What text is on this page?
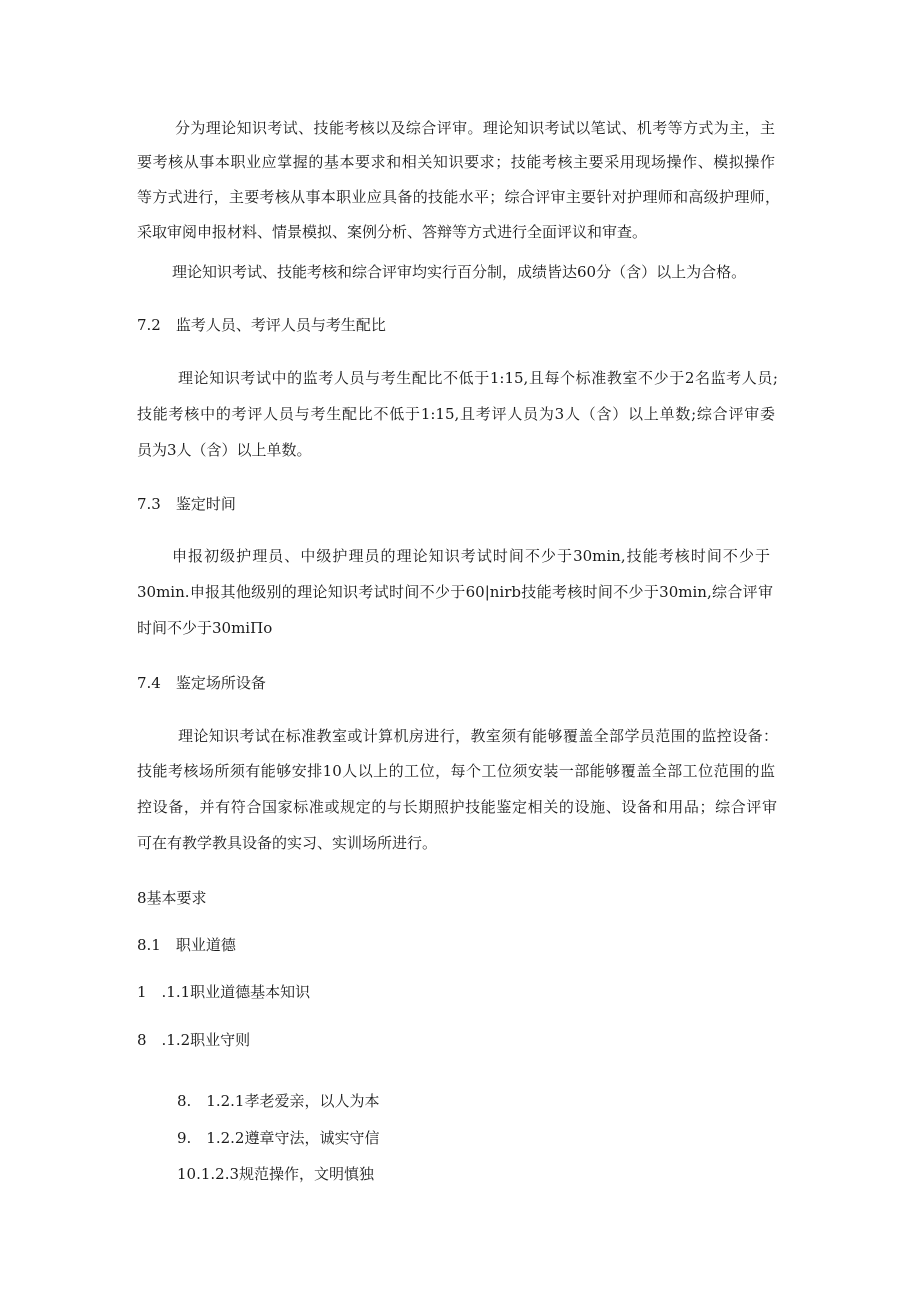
分为理论知识考试、技能考核以及综合评审。理论知识考试以笔试、机考等方式为主，主
要考核从事本职业应掌握的基本要求和相关知识要求；技能考核主要采用现场操作、模拟操作
等方式进行，主要考核从事本职业应具备的技能水平；综合评审主要针对护理师和高级护理师，
采取审阅申报材料、情景模拟、案例分析、答辩等方式进行全面评议和审查。
理论知识考试、技能考核和综合评审均实行百分制，成绩皆达60分（含）以上为合格。
7.2　监考人员、考评人员与考生配比
理论知识考试中的监考人员与考生配比不低于1:15,且每个标准教室不少于2名监考人员;
技能考核中的考评人员与考生配比不低于1:15,且考评人员为3人（含）以上单数;综合评审委
员为3人（含）以上单数。
7.3　鉴定时间
申报初级护理员、中级护理员的理论知识考试时间不少于30min,技能考核时间不少于
30min.申报其他级别的理论知识考试时间不少于60|nirb技能考核时间不少于30min,综合评审
时间不少于30miΠo
7.4　鉴定场所设备
理论知识考试在标准教室或计算机房进行，教室须有能够覆盖全部学员范围的监控设备：
技能考核场所须有能够安排10人以上的工位，每个工位须安装一部能够覆盖全部工位范围的监
控设备，并有符合国家标准或规定的与长期照护技能鉴定相关的设施、设备和用品；综合评审
可在有教学教具设备的实习、实训场所进行。
8基本要求
8.1　职业道德
1　.1.1职业道德基本知识
8　.1.2职业守则
8.　1.2.1孝老爱亲，以人为本
9.　1.2.2遵章守法，诚实守信
10.1.2.3规范操作，文明慎独
